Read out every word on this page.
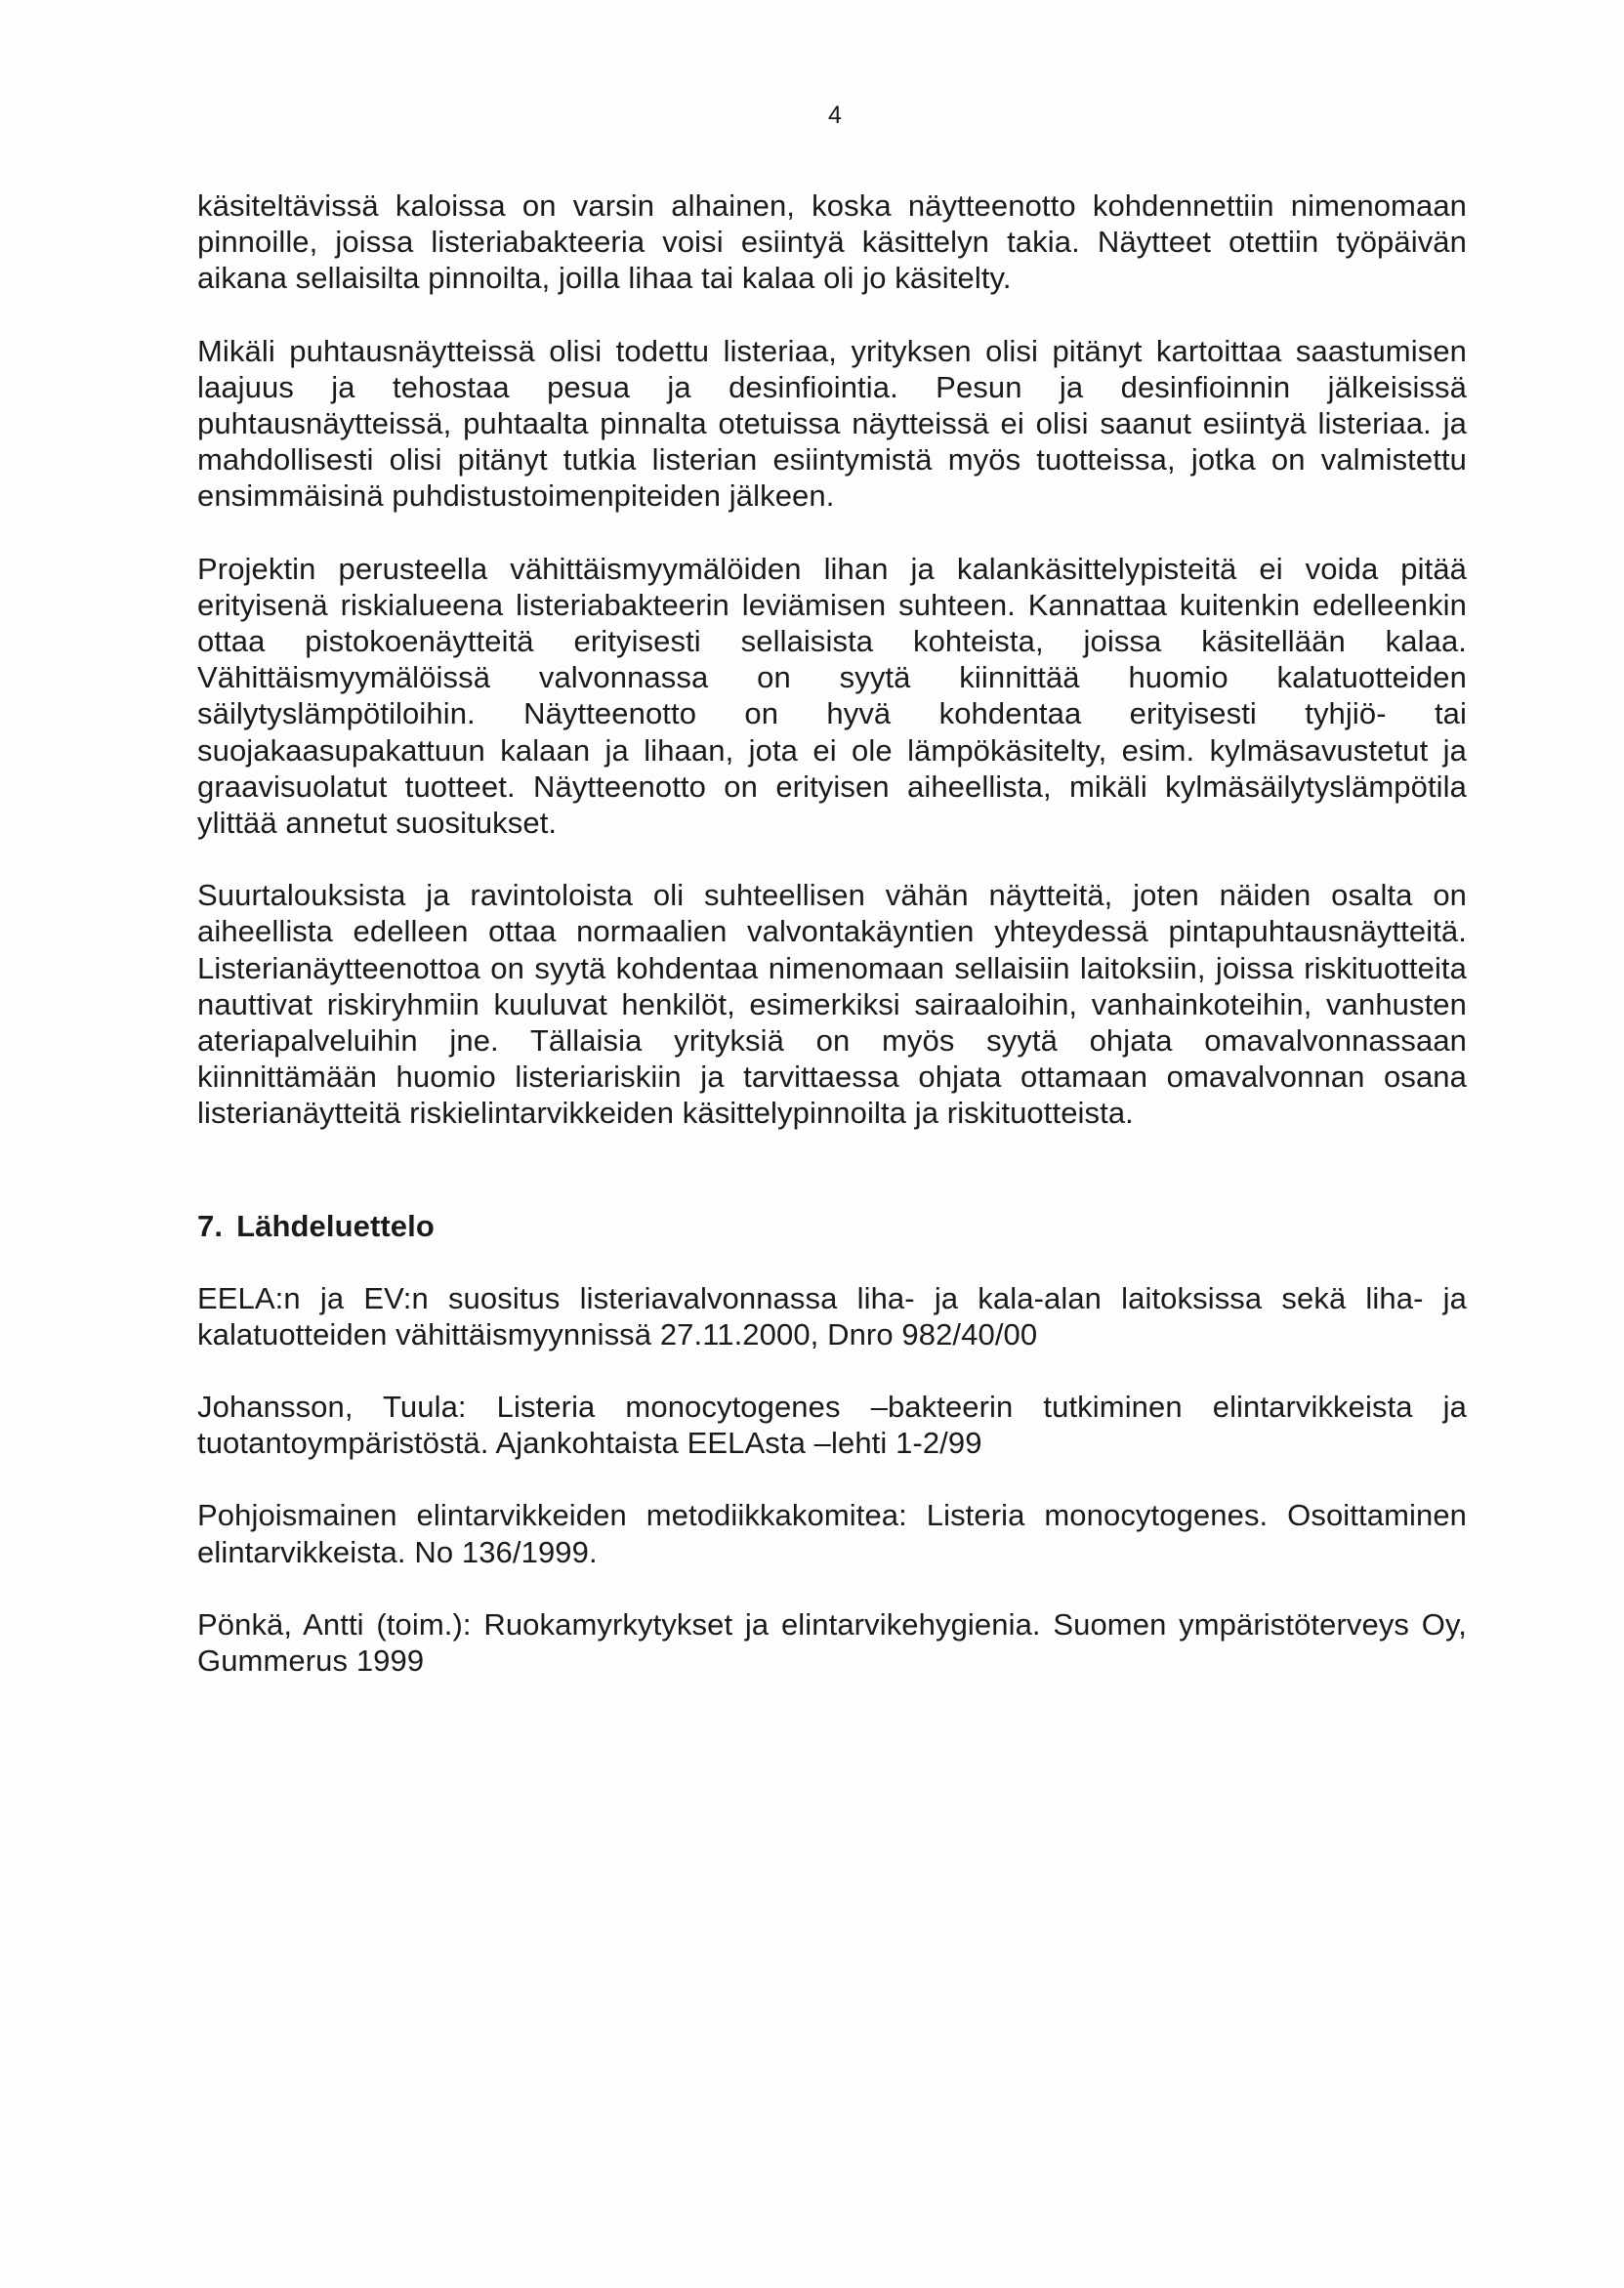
4

käsiteltävissä kaloissa on varsin alhainen, koska näytteenotto kohdennettiin nimenomaan pinnoille, joissa listeriabakteeria voisi esiintyä käsittelyn takia. Näytteet otettiin työpäivän aikana sellaisilta pinnoilta, joilla lihaa tai kalaa oli jo käsitelty.

Mikäli puhtausnäytteissä olisi todettu listeriaa, yrityksen olisi pitänyt kartoittaa saastumisen laajuus ja tehostaa pesua ja desinfiointia. Pesun ja desinfioinnin jälkeisissä puhtausnäytteissä, puhtaalta pinnalta otetuissa näytteissä ei olisi saanut esiintyä listeriaa. ja mahdollisesti olisi pitänyt tutkia listerian esiintymistä myös tuotteissa, jotka on valmistettu ensimmäisinä puhdistustoimenpiteiden jälkeen.

Projektin perusteella vähittäismyymälöiden lihan ja kalankäsittelypisteitä ei voida pitää erityisenä riskialueena listeriabakteerin leviämisen suhteen. Kannattaa kuitenkin edelleenkin ottaa pistokoenäytteitä erityisesti sellaisista kohteista, joissa käsitellään kalaa. Vähittäismyymälöissä valvonnassa on syytä kiinnittää huomio kalatuotteiden säilytyslämpötiloihin. Näytteenotto on hyvä kohdentaa erityisesti tyhjiö- tai suojakaasupakattuun kalaan ja lihaan, jota ei ole lämpökäsitelty, esim. kylmäsavustetut ja graavisuolatut tuotteet. Näytteenotto on erityisen aiheellista, mikäli kylmäsäilytyslämpötila ylittää annetut suositukset.

Suurtalouksista ja ravintoloista oli suhteellisen vähän näytteitä, joten näiden osalta on aiheellista edelleen ottaa normaalien valvontakäyntien yhteydessä pintapuhtausnäytteitä. Listerianäytteenottoa on syytä kohdentaa nimenomaan sellaisiin laitoksiin, joissa riskituotteita nauttivat riskiryhmiin kuuluvat henkilöt, esimerkiksi sairaaloihin, vanhainkoteihin, vanhusten ateriapalveluihin jne. Tällaisia yrityksiä on myös syytä ohjata omavalvonnassaan kiinnittämään huomio listeriariskiin ja tarvittaessa ohjata ottamaan omavalvonnan osana listerianäytteitä riskielintarvikkeiden käsittelypinnoilta ja riskituotteista.

7. Lähdeluettelo

EELA:n ja EV:n suositus listeriavalvonnassa liha- ja kala-alan laitoksissa sekä liha- ja kalatuotteiden vähittäismyynnissä 27.11.2000, Dnro 982/40/00

Johansson, Tuula: Listeria monocytogenes –bakteerin tutkiminen elintarvikkeista ja tuotantoympäristöstä. Ajankohtaista EELAsta –lehti 1-2/99

Pohjoismainen elintarvikkeiden metodiikkakomitea: Listeria monocytogenes. Osoittaminen elintarvikkeista. No 136/1999.

Pönkä, Antti (toim.): Ruokamyrkytykset ja elintarvikehygienia. Suomen ympäristöterveys Oy, Gummerus 1999
